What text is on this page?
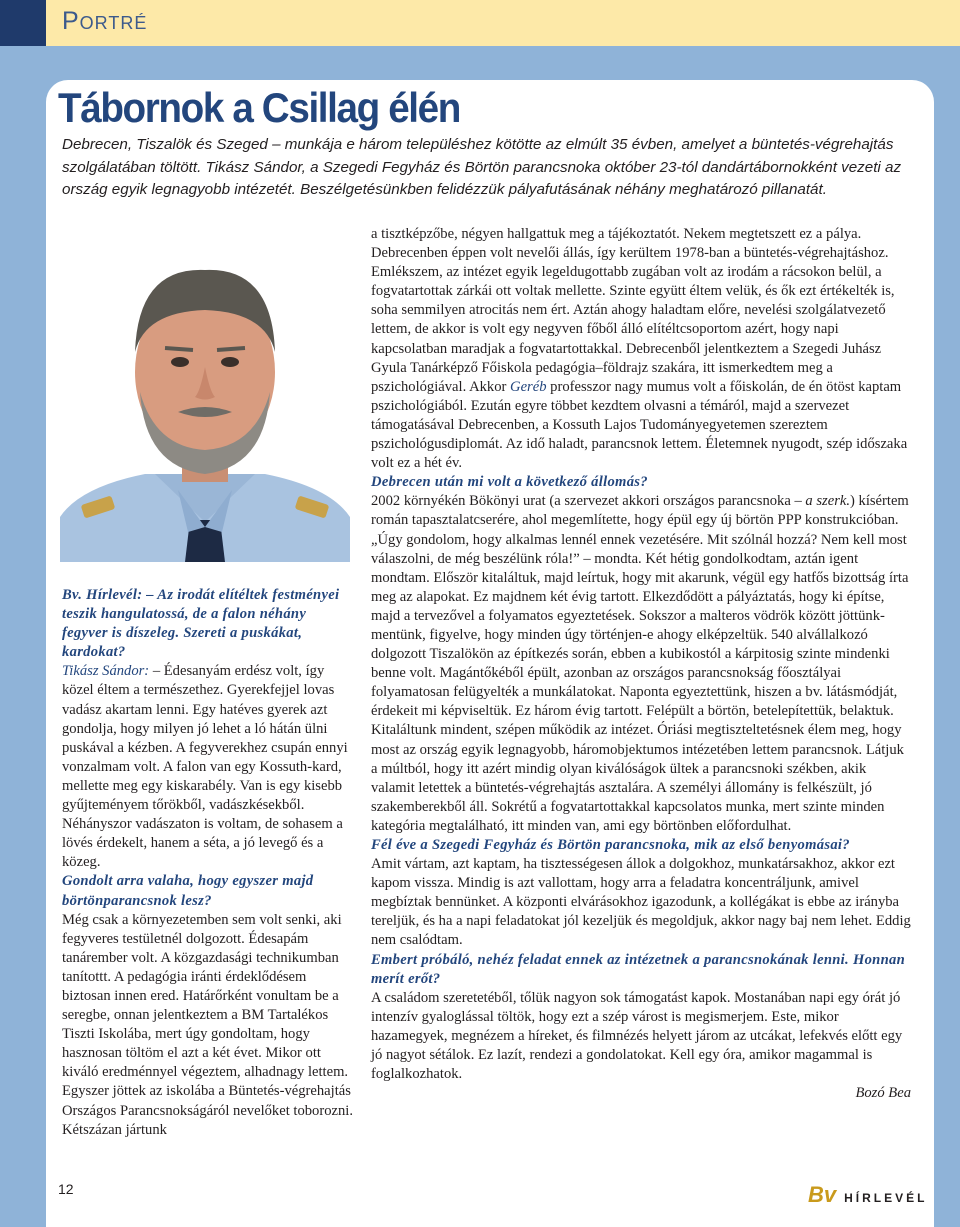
Portré
Tábornok a Csillag élén
Debrecen, Tiszalök és Szeged – munkája e három településhez kötötte az elmúlt 35 évben, amelyet a büntetés-végrehajtás szolgálatában töltött. Tikász Sándor, a Szegedi Fegyház és Börtön parancsnoka október 23-tól dandártábornokként vezeti az ország egyik legnagyobb intézetét. Beszélgetésünkben felidézzük pályafutásának néhány meghatározó pillanatát.

Bv. Hírlevél: – Az irodát elítéltek festményei teszik hangulatossá, de a falon néhány fegyver is díszeleg. Szereti a puskákat, kardokat?

Tikász Sándor: – Édesanyám erdész volt, így közel éltem a természethez. Gyerekfejjel lovas vadász akartam lenni. Egy hatéves gyerek azt gondolja, hogy milyen jó lehet a ló hátán ülni puskával a kézben. A fegyverekhez csupán ennyi vonzalmam volt. A falon van egy Kossuth-kard, mellette meg egy kiskarabély. Van is egy kisebb gyűjteményem tőrökből, vadászkésekből. Néhányszor vadászaton is voltam, de sohasem a lövés érdekelt, hanem a séta, a jó levegő és a közeg.

Gondolt arra valaha, hogy egyszer majd börtönparancsnok lesz?

Még csak a környezetemben sem volt senki, aki fegyveres testületnél dolgozott. Édesapám tanárember volt. A közgazdasági technikumban tanítottt. A pedagógia iránti érdeklődésem biztosan innen ered. Határőrként vonultam be a seregbe, onnan jelentkeztem a BM Tartalékos Tiszti Iskolába, mert úgy gondoltam, hogy hasznosan töltöm el azt a két évet. Mikor ott kiváló eredménnyel végeztem, alhadnagy lettem. Egyszer jöttek az iskolába a Büntetés-végrehajtás Országos Parancsnokságáról nevelőket toborozni. Kétszázan jártunk

a tisztképzőbe, négyen hallgattuk meg a tájékoztatót. Nekem megtetszett ez a pálya. Debrecenben éppen volt nevelői állás, így kerültem 1978-ban a büntetés-végrehajtáshoz. Emlékszem, az intézet egyik legeldugottabb zugában volt az irodám a rácsokon belül, a fogvatartottak zárkái ott voltak mellette. Szinte együtt éltem velük, és ők ezt értékelték is, soha semmilyen atrocitás nem ért. Aztán ahogy haladtam előre, nevelési szolgálatvezető lettem, de akkor is volt egy negyven főből álló elítéltcsoportom azért, hogy napi kapcsolatban maradjak a fogvatartottakkal. Debrecenből jelentkeztem a Szegedi Juhász Gyula Tanárképző Főiskola pedagógia–földrajz szakára, itt ismerkedtem meg a pszichológiával. Akkor Geréb professzor nagy mumus volt a főiskolán, de én ötöst kaptam pszichológiából. Ezután egyre többet kezdtem olvasni a témáról, majd a szervezet támogatásával Debrecenben, a Kossuth Lajos Tudományegyetemen szereztem pszichológusdiplomát. Az idő haladt, parancsnok lettem. Életemnek nyugodt, szép időszaka volt ez a hét év.

Debrecen után mi volt a következő állomás?

2002 környékén Bökönyi urat (a szervezet akkori országos parancsnoka – a szerk.) kísértem román tapasztalatcserére, ahol megemlítette, hogy épül egy új börtön PPP konstrukcióban. „Úgy gondolom, hogy alkalmas lennél ennek vezetésére. Mit szólnál hozzá? Nem kell most válaszolni, de még beszélünk róla!” – mondta. Két hétig gondolkodtam, aztán igent mondtam. Először kitaláltuk, majd leírtuk, hogy mit akarunk, végül egy hatfős bizottság írta meg az alapokat. Ez majdnem két évig tartott. Elkezdődött a pályáztatás, hogy ki építse, majd a tervezővel a folyamatos egyeztetések. Sokszor a malteros vödrök között jöttünk-mentünk, figyelve, hogy minden úgy történjen-e ahogy elképzeltük. 540 alvállalkozó dolgozott Tiszalökön az építkezés során, ebben a kubikostól a kárpitosig szinte mindenki benne volt. Magántőkéből épült, azonban az országos parancsnokság főosztályai folyamatosan felügyelték a munkálatokat. Naponta egyeztettünk, hiszen a bv. látásmódját, érdekeit mi képviseltük. Ez három évig tartott. Felépült a börtön, betelepítettük, belaktuk. Kitaláltunk mindent, szépen működik az intézet. Óriási megtiszteltetésnek élem meg, hogy most az ország egyik legnagyobb, háromobjektumos intézetében lettem parancsnok. Látjuk a múltból, hogy itt azért mindig olyan kiválóságok ültek a parancsnoki székben, akik valamit letettek a büntetés-végrehajtás asztalára. A személyi állomány is felkészült, jó szakemberekből áll. Sokrétű a fogvatartottakkal kapcsolatos munka, mert szinte minden kategória megtalálható, itt minden van, ami egy börtönben előfordulhat.

Fél éve a Szegedi Fegyház és Börtön parancsnoka, mik az első benyomásai?

Amit vártam, azt kaptam, ha tisztességesen állok a dolgokhoz, munkatársakhoz, akkor ezt kapom vissza. Mindig is azt vallottam, hogy arra a feladatra koncentráljunk, amivel megbíztak bennünket. A központi elvárásokhoz igazodunk, a kollégákat is ebbe az irányba tereljük, és ha a napi feladatokat jól kezeljük és megoldjuk, akkor nagy baj nem lehet. Eddig nem csalódtam.

Embert próbáló, nehéz feladat ennek az intézetnek a parancsnokának lenni. Honnan merít erőt?

A családom szeretetéből, tőlük nagyon sok támogatást kapok. Mostanában napi egy órát jó intenzív gyaloglással töltök, hogy ezt a szép várost is megismerjem. Este, mikor hazamegyek, megnézem a híreket, és filmnézés helyett járom az utcákat, lefekvés előtt egy jó nagyot sétálok. Ez lazít, rendezi a gondolatokat. Kell egy óra, amikor magammal is foglalkozhatok.

Bozó Bea

12	Bv HÍRLEVÉL
